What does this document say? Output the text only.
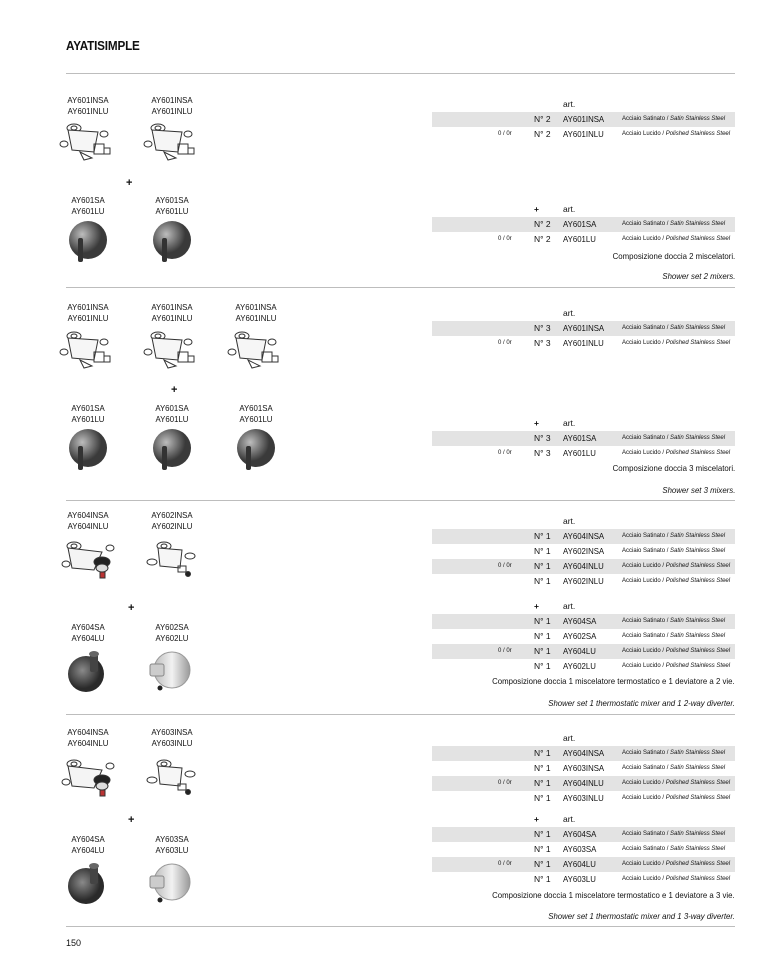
AYATISIMPLE
AY601INSA
AY601INLU
AY601INSA
AY601INLU
+
AY601SA
AY601LU
AY601SA
AY601LU
art.
N° 2 AY601INSA	Acciaio Satinato / Satin Stainless Steel
0 / 0r	N° 2 AY601INLU	Acciaio Lucido / Polished Stainless Steel
+	art.
N° 2 AY601SA	Acciaio Satinato / Satin Stainless Steel
0 / 0r	N° 2 AY601LU	Acciaio Lucido / Polished Stainless Steel
Composizione doccia 2 miscelatori.
Shower set 2 mixers.
AY601INSA
AY601INLU
AY601INSA
AY601INLU
AY601INSA
AY601INLU
+
AY601SA
AY601LU
AY601SA
AY601LU
AY601SA
AY601LU
art.
N° 3 AY601INSA	Acciaio Satinato / Satin Stainless Steel
0 / 0r	N° 3 AY601INLU	Acciaio Lucido / Polished Stainless Steel
+	art.
N° 3 AY601SA	Acciaio Satinato / Satin Stainless Steel
0 / 0r	N° 3 AY601LU	Acciaio Lucido / Polished Stainless Steel
Composizione doccia 3 miscelatori.
Shower set 3 mixers.
AY604INSA
AY604INLU
AY602INSA
AY602INLU
+
AY604SA
AY604LU
AY602SA
AY602LU
art.
N° 1 AY604INSA	Acciaio Satinato / Satin Stainless Steel
N° 1 AY602INSA	Acciaio Satinato / Satin Stainless Steel
0 / 0r	N° 1 AY604INLU	Acciaio Lucido / Polished Stainless Steel
N° 1 AY602INLU	Acciaio Lucido / Polished Stainless Steel
+	art.
N° 1 AY604SA	Acciaio Satinato / Satin Stainless Steel
N° 1 AY602SA	Acciaio Satinato / Satin Stainless Steel
0 / 0r	N° 1 AY604LU	Acciaio Lucido / Polished Stainless Steel
N° 1 AY602LU	Acciaio Lucido / Polished Stainless Steel
Composizione doccia 1 miscelatore termostatico e 1 deviatore a 2 vie.
Shower set 1 thermostatic mixer and 1 2-way diverter.
AY604INSA
AY604INLU
AY603INSA
AY603INLU
+
AY604SA
AY604LU
AY603SA
AY603LU
art.
N° 1 AY604INSA	Acciaio Satinato / Satin Stainless Steel
N° 1 AY603INSA	Acciaio Satinato / Satin Stainless Steel
0 / 0r	N° 1 AY604INLU	Acciaio Lucido / Polished Stainless Steel
N° 1 AY603INLU	Acciaio Lucido / Polished Stainless Steel
+	art.
N° 1 AY604SA	Acciaio Satinato / Satin Stainless Steel
N° 1 AY603SA	Acciaio Satinato / Satin Stainless Steel
0 / 0r	N° 1 AY604LU	Acciaio Lucido / Polished Stainless Steel
N° 1 AY603LU	Acciaio Lucido / Polished Stainless Steel
Composizione doccia 1 miscelatore termostatico e 1 deviatore a 3 vie.
Shower set 1 thermostatic mixer and 1 3-way diverter.
150
